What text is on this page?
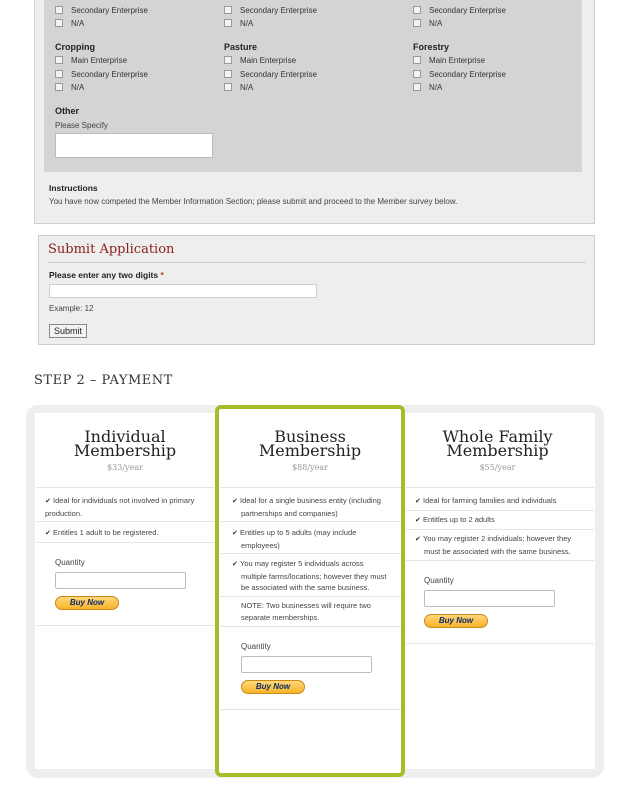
Secondary Enterprise
N/A
Secondary Enterprise
N/A
Secondary Enterprise
N/A
Cropping
Main Enterprise
Secondary Enterprise
N/A
Pasture
Main Enterprise
Secondary Enterprise
N/A
Forestry
Main Enterprise
Secondary Enterprise
N/A
Other
Please Specify
Instructions
You have now competed the Member Information Section; please submit and proceed to the Member survey below.
Submit Application
Please enter any two digits *
Example: 12
Submit
STEP 2 – PAYMENT
Individual
Membership
$33/year
✔ Ideal for individuals not involved in primary production.
✔ Entitles 1 adult to be registered.
Quantity
Buy Now
Business
Membership
$88/year
✔ Ideal for a single business entity (including partnerships and companies)
✔ Entitles up to 5 adults (may include employees)
✔ You may register 5 individuals across multiple farms/locations; however they must be associated with the same business.
NOTE: Two businesses will require two separate memberships.
Quantity
Buy Now
Whole Family
Membership
$55/year
✔ Ideal for farming families and individuals
✔ Entitles up to 2 adults
✔ You may register 2 individuals; however they must be associated with the same business.
Quantity
Buy Now
